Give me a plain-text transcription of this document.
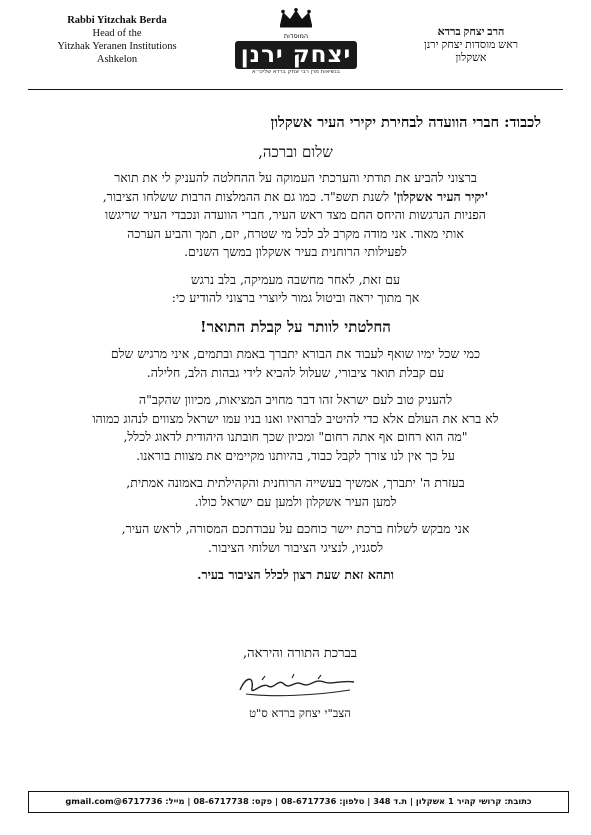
Rabbi Yitzchak Berda
Head of the
Yitzhak Yeranen Institutions
Ashkelon
המוסדות
יצחק ירנן
בנשיאות מרן רבי יצחק ברדא שליט״א
הרב יצחק ברדא
ראש מוסדות יצחק ירנן
אשקלון
לכבוד: חברי הוועדה לבחירת יקירי העיר אשקלון
שלום וברכה,
ברצוני להביע את תודתי והערכתי העמוקה על ההחלטה להעניק לי את תואר
'יקיר העיר אשקלון' לשנת תשפ"ד. כמו גם את ההמלצות הרבות ששלחו הציבור,
הפניות הנרגשות והיחס החם מצד ראש העיר, חברי הוועדה ונכבדי העיר שריגשו
אותי מאוד. אני מודה מקרב לב לכל מי שטרח, יזם, תמך והביע הערכה
לפעילותי הרוחנית בעיר אשקלון במשך השנים.
עם זאת, לאחר מחשבה מעמיקה, בלב נרגש
אך מתוך יראה וביטול גמור ליוצרי ברצוני להודיע כי:
החלטתי לוותר על קבלת התואר!
כמי שכל ימיו שואף לעבוד את הבורא יתברך באמת ובתמים, איני מרגיש שלם
עם קבלת תואר ציבורי, שעלול להביא לידי גבהות הלב, חלילה.
להעניק טוב לעם ישראל זהו דבר מחויב המציאות, מכיוון שהקב"ה
לא ברא את העולם אלא כדי להיטיב לברואיו ואנו בניו עמו ישראל מצווים לנהוג כמוהו
"מה הוא רחום אף אתה רחום" ומכיון שכך חובתנו היהודית לדאוג לכלל,
על כך אין לנו צורך לקבל כבוד, בהיותנו מקיימים את מצוות בוראנו.
בעזרת ה' יתברך, אמשיך בעשייה הרוחנית והקהילתית באמונה אמתית,
למען העיר אשקלון ולמען עם ישראל כולו.
אני מבקש לשלוח ברכת יישר כוחכם על עבודתכם המסורה, לראש העיר,
לסגניו, לנציגי הציבור ושלוחי הציבור.
ותהא זאת שעת רצון לכלל הציבור בעיר.
בברכת התורה והיראה,
הצב"י יצחק ברדא ס"ט
כתובת: קרושי קהיר 1 אשקלון | ת.ד 348 | טלפון: 08-6717736 | פקס: 08-6717738 | מייל: 6717736@gmail.com
